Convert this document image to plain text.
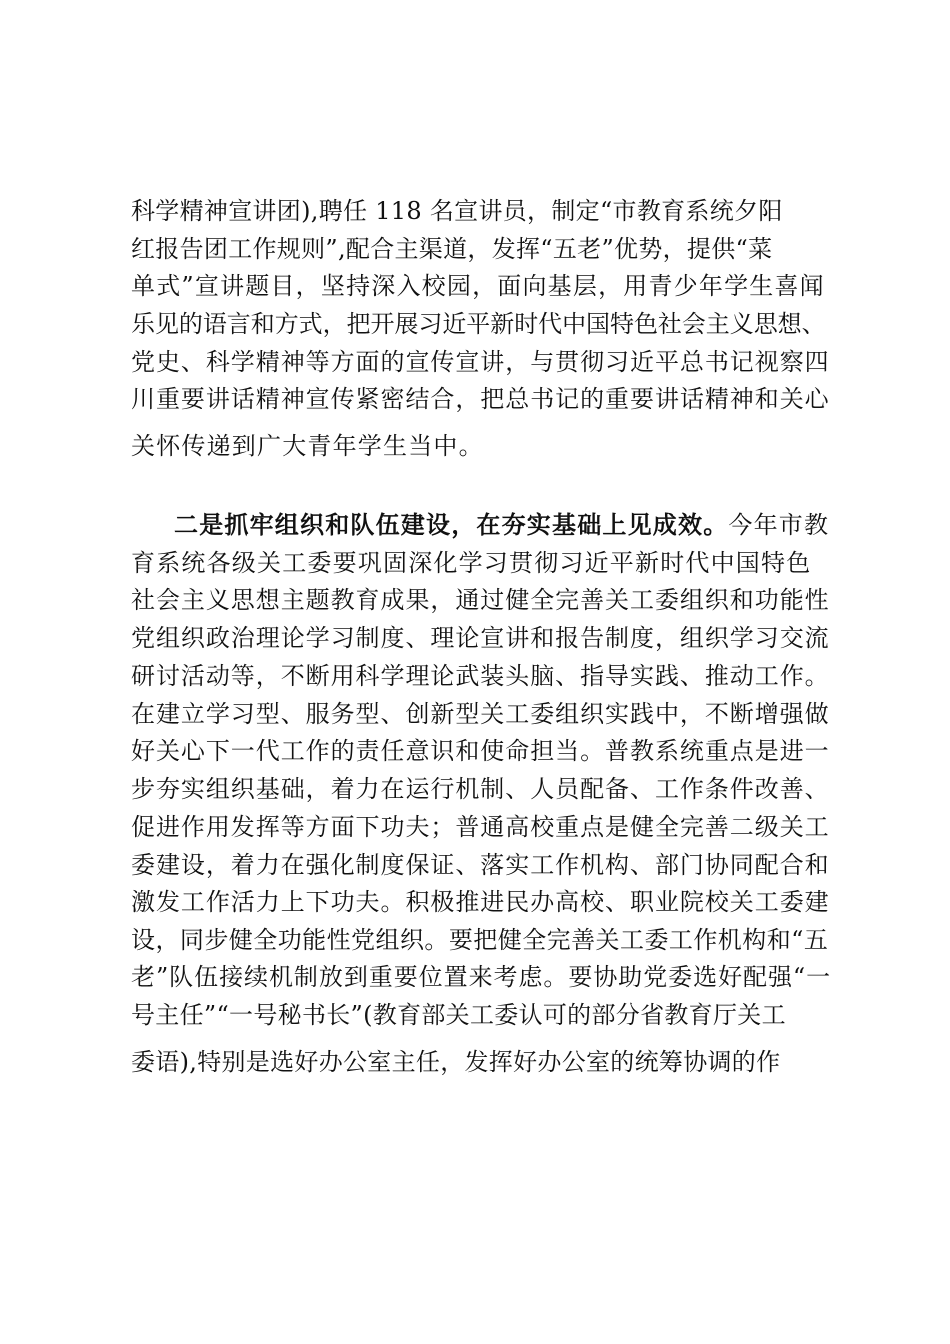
科学精神宣讲团),聘任 118 名宣讲员，制定“市教育系统夕阳

红报告团工作规则”,配合主渠道，发挥“五老”优势，提供“菜

单式”宣讲题目，坚持深入校园，面向基层，用青少年学生喜闻

乐见的语言和方式，把开展习近平新时代中国特色社会主义思想、

党史、科学精神等方面的宣传宣讲，与贯彻习近平总书记视察四

川重要讲话精神宣传紧密结合，把总书记的重要讲话精神和关心

关怀传递到广大青年学生当中。

二是抓牢组织和队伍建设，在夯实基础上见成效。今年市教

育系统各级关工委要巩固深化学习贯彻习近平新时代中国特色

社会主义思想主题教育成果，通过健全完善关工委组织和功能性

党组织政治理论学习制度、理论宣讲和报告制度，组织学习交流

研讨活动等，不断用科学理论武装头脑、指导实践、推动工作。

在建立学习型、服务型、创新型关工委组织实践中，不断增强做

好关心下一代工作的责任意识和使命担当。普教系统重点是进一

步夯实组织基础，着力在运行机制、人员配备、工作条件改善、

促进作用发挥等方面下功夫；普通高校重点是健全完善二级关工

委建设，着力在强化制度保证、落实工作机构、部门协同配合和

激发工作活力上下功夫。积极推进民办高校、职业院校关工委建

设，同步健全功能性党组织。要把健全完善关工委工作机构和“五

老”队伍接续机制放到重要位置来考虑。要协助党委选好配强“一

号主任”“一号秘书长”(教育部关工委认可的部分省教育厅关工

委语),特别是选好办公室主任，发挥好办公室的统筹协调的作
